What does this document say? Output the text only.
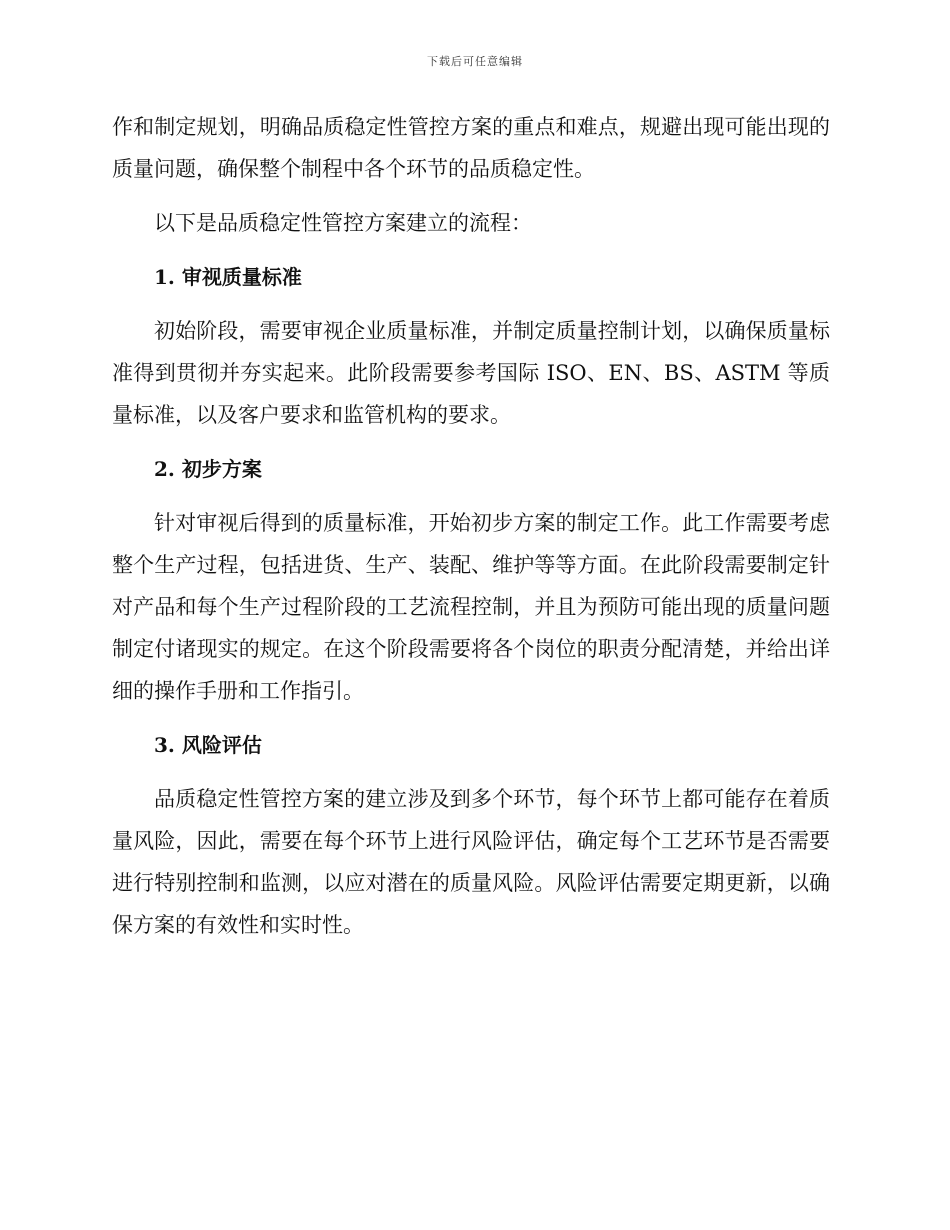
下载后可任意编辑

作和制定规划，明确品质稳定性管控方案的重点和难点，规避出现可能出现的质量问题，确保整个制程中各个环节的品质稳定性。

以下是品质稳定性管控方案建立的流程：

1. 审视质量标准

初始阶段，需要审视企业质量标准，并制定质量控制计划，以确保质量标准得到贯彻并夯实起来。此阶段需要参考国际 ISO、EN、BS、ASTM 等质量标准，以及客户要求和监管机构的要求。

2. 初步方案

针对审视后得到的质量标准，开始初步方案的制定工作。此工作需要考虑整个生产过程，包括进货、生产、装配、维护等等方面。在此阶段需要制定针对产品和每个生产过程阶段的工艺流程控制，并且为预防可能出现的质量问题制定付诸现实的规定。在这个阶段需要将各个岗位的职责分配清楚，并给出详细的操作手册和工作指引。

3. 风险评估

品质稳定性管控方案的建立涉及到多个环节，每个环节上都可能存在着质量风险，因此，需要在每个环节上进行风险评估，确定每个工艺环节是否需要进行特别控制和监测，以应对潜在的质量风险。风险评估需要定期更新，以确保方案的有效性和实时性。
